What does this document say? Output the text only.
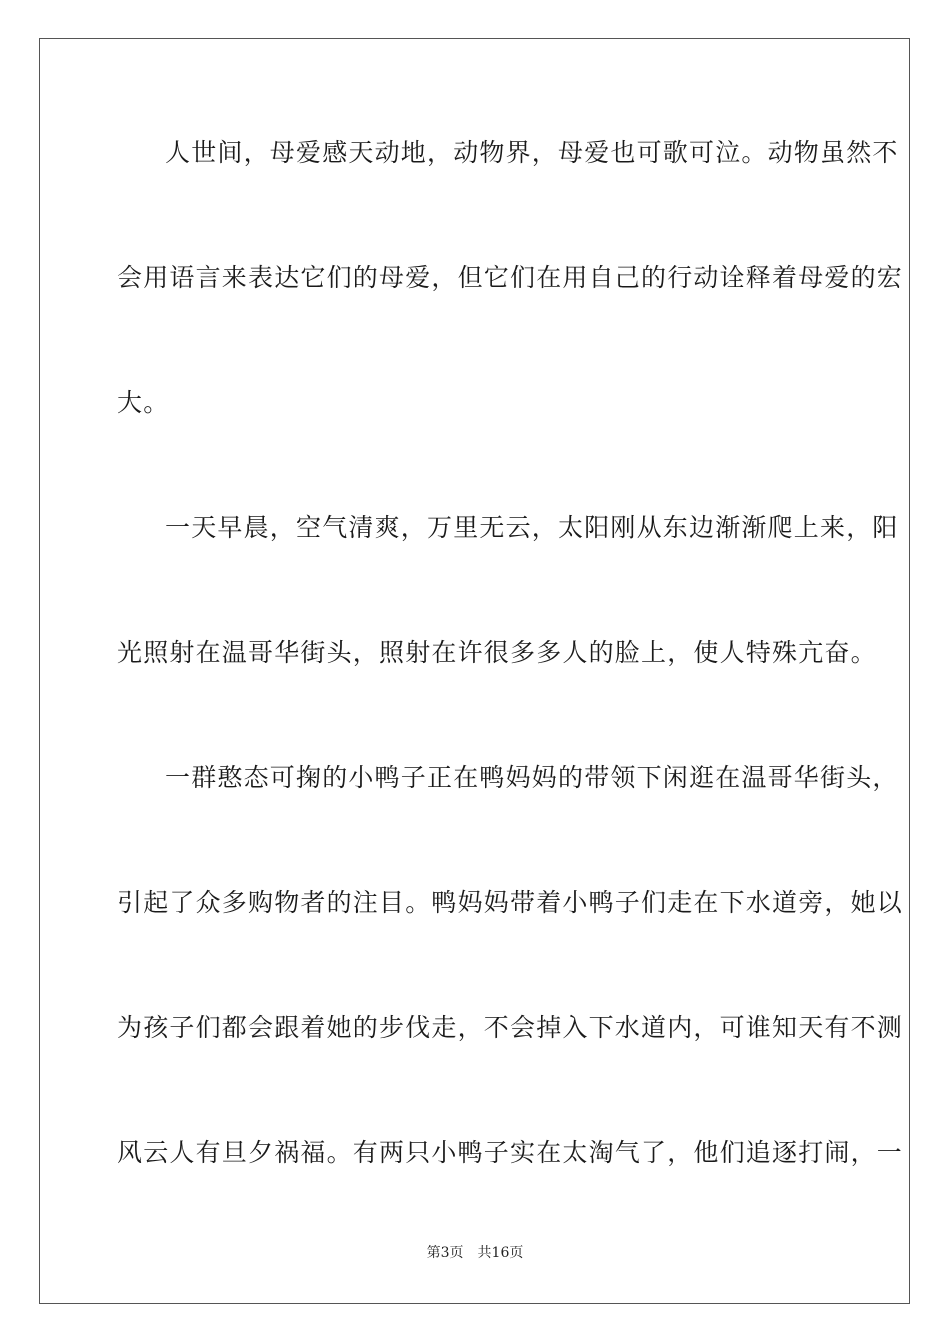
人世间，母爱感天动地，动物界，母爱也可歌可泣。动物虽然不
会用语言来表达它们的母爱，但它们在用自己的行动诠释着母爱的宏
大。
一天早晨，空气清爽，万里无云，太阳刚从东边渐渐爬上来，阳
光照射在温哥华街头，照射在许很多多人的脸上，使人特殊亢奋。
一群憨态可掬的小鸭子正在鸭妈妈的带领下闲逛在温哥华街头，
引起了众多购物者的注目。鸭妈妈带着小鸭子们走在下水道旁，她以
为孩子们都会跟着她的步伐走，不会掉入下水道内，可谁知天有不测
风云人有旦夕祸福。有两只小鸭子实在太淘气了，他们追逐打闹，一
第3页 共16页
